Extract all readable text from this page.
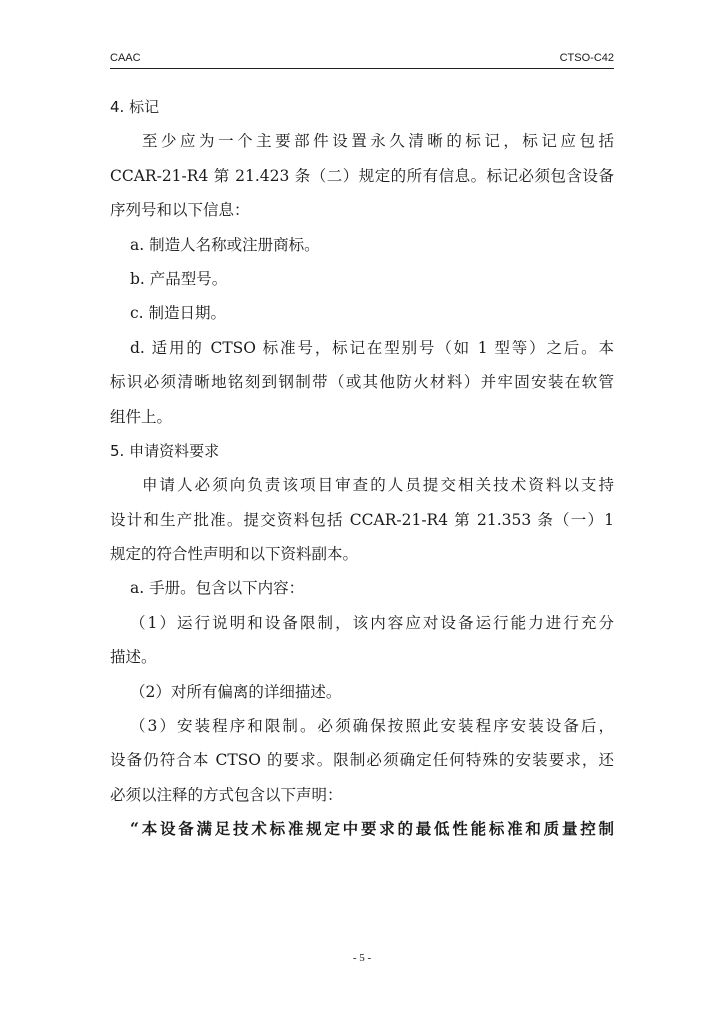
CAAC	CTSO-C42
4. 标记
至少应为一个主要部件设置永久清晰的标记，标记应包括
CCAR-21-R4 第 21.423 条（二）规定的所有信息。标记必须包含设备
序列号和以下信息：
a. 制造人名称或注册商标。
b. 产品型号。
c. 制造日期。
d. 适用的 CTSO 标准号，标记在型别号（如 1 型等）之后。本
标识必须清晰地铭刻到钢制带（或其他防火材料）并牢固安装在软管
组件上。
5. 申请资料要求
申请人必须向负责该项目审查的人员提交相关技术资料以支持
设计和生产批准。提交资料包括 CCAR-21-R4 第 21.353 条（一）1
规定的符合性声明和以下资料副本。
a. 手册。包含以下内容：
（1）运行说明和设备限制，该内容应对设备运行能力进行充分
描述。
（2）对所有偏离的详细描述。
（3）安装程序和限制。必须确保按照此安装程序安装设备后，
设备仍符合本 CTSO 的要求。限制必须确定任何特殊的安装要求，还
必须以注释的方式包含以下声明：
“本设备满足技术标准规定中要求的最低性能标准和质量控制
- 5 -
